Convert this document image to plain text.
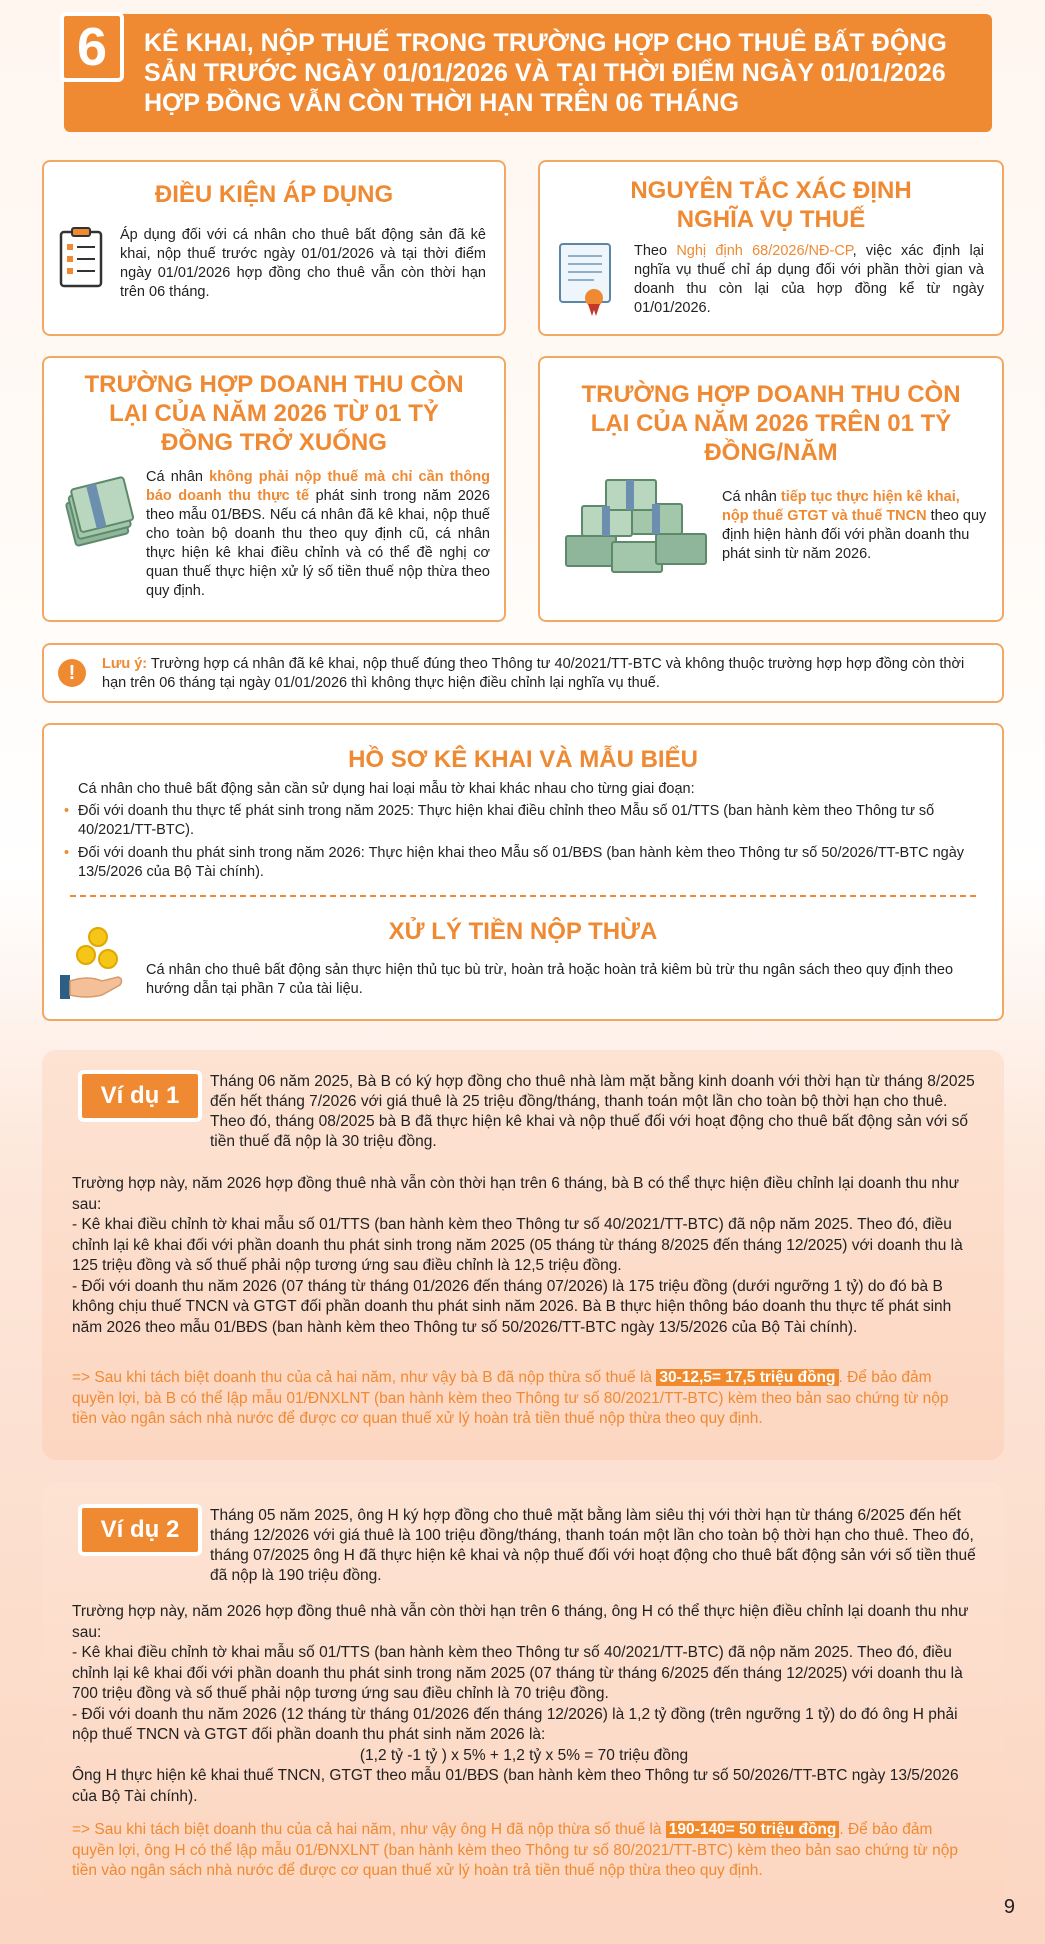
6	KÊ KHAI, NỘP THUẾ TRONG TRƯỜNG HỢP CHO THUÊ BẤT ĐỘNG SẢN TRƯỚC NGÀY 01/01/2026 VÀ TẠI THỜI ĐIỂM NGÀY 01/01/2026 HỢP ĐỒNG VẪN CÒN THỜI HẠN TRÊN 06 THÁNG
ĐIỀU KIỆN ÁP DỤNG
Áp dụng đối với cá nhân cho thuê bất động sản đã kê khai, nộp thuế trước ngày 01/01/2026 và tại thời điểm ngày 01/01/2026 hợp đồng cho thuê vẫn còn thời hạn trên 06 tháng.
NGUYÊN TẮC XÁC ĐỊNH NGHĨA VỤ THUẾ
Theo Nghị định 68/2026/NĐ-CP, việc xác định lại nghĩa vụ thuế chỉ áp dụng đối với phần thời gian và doanh thu còn lại của hợp đồng kể từ ngày 01/01/2026.
TRƯỜNG HỢP DOANH THU CÒN LẠI CỦA NĂM 2026 TỪ 01 TỶ ĐỒNG TRỞ XUỐNG
Cá nhân không phải nộp thuế mà chỉ cần thông báo doanh thu thực tế phát sinh trong năm 2026 theo mẫu 01/BĐS. Nếu cá nhân đã kê khai, nộp thuế cho toàn bộ doanh thu theo quy định cũ, cá nhân thực hiện kê khai điều chỉnh và có thể đề nghị cơ quan thuế thực hiện xử lý số tiền thuế nộp thừa theo quy định.
TRƯỜNG HỢP DOANH THU CÒN LẠI CỦA NĂM 2026 TRÊN 01 TỶ ĐỒNG/NĂM
Cá nhân tiếp tục thực hiện kê khai, nộp thuế GTGT và thuế TNCN theo quy định hiện hành đối với phần doanh thu phát sinh từ năm 2026.
!	Lưu ý: Trường hợp cá nhân đã kê khai, nộp thuế đúng theo Thông tư 40/2021/TT-BTC và không thuộc trường hợp hợp đồng còn thời hạn trên 06 tháng tại ngày 01/01/2026 thì không thực hiện điều chỉnh lại nghĩa vụ thuế.
HỒ SƠ KÊ KHAI VÀ MẪU BIỂU
Cá nhân cho thuê bất động sản cần sử dụng hai loại mẫu tờ khai khác nhau cho từng giai đoạn:
• Đối với doanh thu thực tế phát sinh trong năm 2025: Thực hiện khai điều chỉnh theo Mẫu số 01/TTS (ban hành kèm theo Thông tư số 40/2021/TT-BTC).
• Đối với doanh thu phát sinh trong năm 2026: Thực hiện khai theo Mẫu số 01/BĐS (ban hành kèm theo Thông tư số 50/2026/TT-BTC ngày 13/5/2026 của Bộ Tài chính).
XỬ LÝ TIỀN NỘP THỪA
Cá nhân cho thuê bất động sản thực hiện thủ tục bù trừ, hoàn trả hoặc hoàn trả kiêm bù trừ thu ngân sách theo quy định theo hướng dẫn tại phần 7 của tài liệu.
Ví dụ 1
Tháng 06 năm 2025, Bà B có ký hợp đồng cho thuê nhà làm mặt bằng kinh doanh với thời hạn từ tháng 8/2025 đến hết tháng 7/2026 với giá thuê là 25 triệu đồng/tháng, thanh toán một lần cho toàn bộ thời hạn cho thuê. Theo đó, tháng 08/2025 bà B đã thực hiện kê khai và nộp thuế đối với hoạt động cho thuê bất động sản với số tiền thuế đã nộp là 30 triệu đồng.
Trường hợp này, năm 2026 hợp đồng thuê nhà vẫn còn thời hạn trên 6 tháng, bà B có thể thực hiện điều chỉnh lại doanh thu như sau:
- Kê khai điều chỉnh tờ khai mẫu số 01/TTS (ban hành kèm theo Thông tư số 40/2021/TT-BTC) đã nộp năm 2025. Theo đó, điều chỉnh lại kê khai đối với phần doanh thu phát sinh trong năm 2025 (05 tháng từ tháng 8/2025 đến tháng 12/2025) với doanh thu là 125 triệu đồng và số thuế phải nộp tương ứng sau điều chỉnh là 12,5 triệu đồng.
- Đối với doanh thu năm 2026 (07 tháng từ tháng 01/2026 đến tháng 07/2026) là 175 triệu đồng (dưới ngưỡng 1 tỷ) do đó bà B không chịu thuế TNCN và GTGT đối phần doanh thu phát sinh năm 2026. Bà B thực hiện thông báo doanh thu thực tế phát sinh năm 2026 theo mẫu 01/BĐS (ban hành kèm theo Thông tư số 50/2026/TT-BTC ngày 13/5/2026 của Bộ Tài chính).
=> Sau khi tách biệt doanh thu của cả hai năm, như vậy bà B đã nộp thừa số thuế là 30-12,5= 17,5 triệu đồng . Để bảo đảm quyền lợi, bà B có thể lập mẫu 01/ĐNXLNT (ban hành kèm theo Thông tư số 80/2021/TT-BTC) kèm theo bản sao chứng từ nộp tiền vào ngân sách nhà nước để được cơ quan thuế xử lý hoàn trả tiền thuế nộp thừa theo quy định.
Ví dụ 2
Tháng 05 năm 2025, ông H ký hợp đồng cho thuê mặt bằng làm siêu thị với thời hạn từ tháng 6/2025 đến hết tháng 12/2026 với giá thuê là 100 triệu đồng/tháng, thanh toán một lần cho toàn bộ thời hạn cho thuê. Theo đó, tháng 07/2025 ông H đã thực hiện kê khai và nộp thuế đối với hoạt động cho thuê bất động sản với số tiền thuế đã nộp là 190 triệu đồng.
Trường hợp này, năm 2026 hợp đồng thuê nhà vẫn còn thời hạn trên 6 tháng, ông H có thể thực hiện điều chỉnh lại doanh thu như sau:
- Kê khai điều chỉnh tờ khai mẫu số 01/TTS (ban hành kèm theo Thông tư số 40/2021/TT-BTC) đã nộp năm 2025. Theo đó, điều chỉnh lại kê khai đối với phần doanh thu phát sinh trong năm 2025 (07 tháng từ tháng 6/2025 đến tháng 12/2025) với doanh thu là 700 triệu đồng và số thuế phải nộp tương ứng sau điều chỉnh là 70 triệu đồng.
- Đối với doanh thu năm 2026 (12 tháng từ tháng 01/2026 đến tháng 12/2026) là 1,2 tỷ đồng (trên ngưỡng 1 tỷ) do đó ông H phải nộp thuế TNCN và GTGT đối phần doanh thu phát sinh năm 2026 là:
(1,2 tỷ -1 tỷ ) x 5% + 1,2 tỷ x 5% = 70 triệu đồng
Ông H thực hiện kê khai thuế TNCN, GTGT theo mẫu 01/BĐS (ban hành kèm theo Thông tư số 50/2026/TT-BTC ngày 13/5/2026 của Bộ Tài chính).
=> Sau khi tách biệt doanh thu của cả hai năm, như vậy ông H đã nộp thừa số thuế là 190-140= 50 triệu đồng . Để bảo đảm quyền lợi, ông H có thể lập mẫu 01/ĐNXLNT (ban hành kèm theo Thông tư số 80/2021/TT-BTC) kèm theo bản sao chứng từ nộp tiền vào ngân sách nhà nước để được cơ quan thuế xử lý hoàn trả tiền thuế nộp thừa theo quy định.
9
